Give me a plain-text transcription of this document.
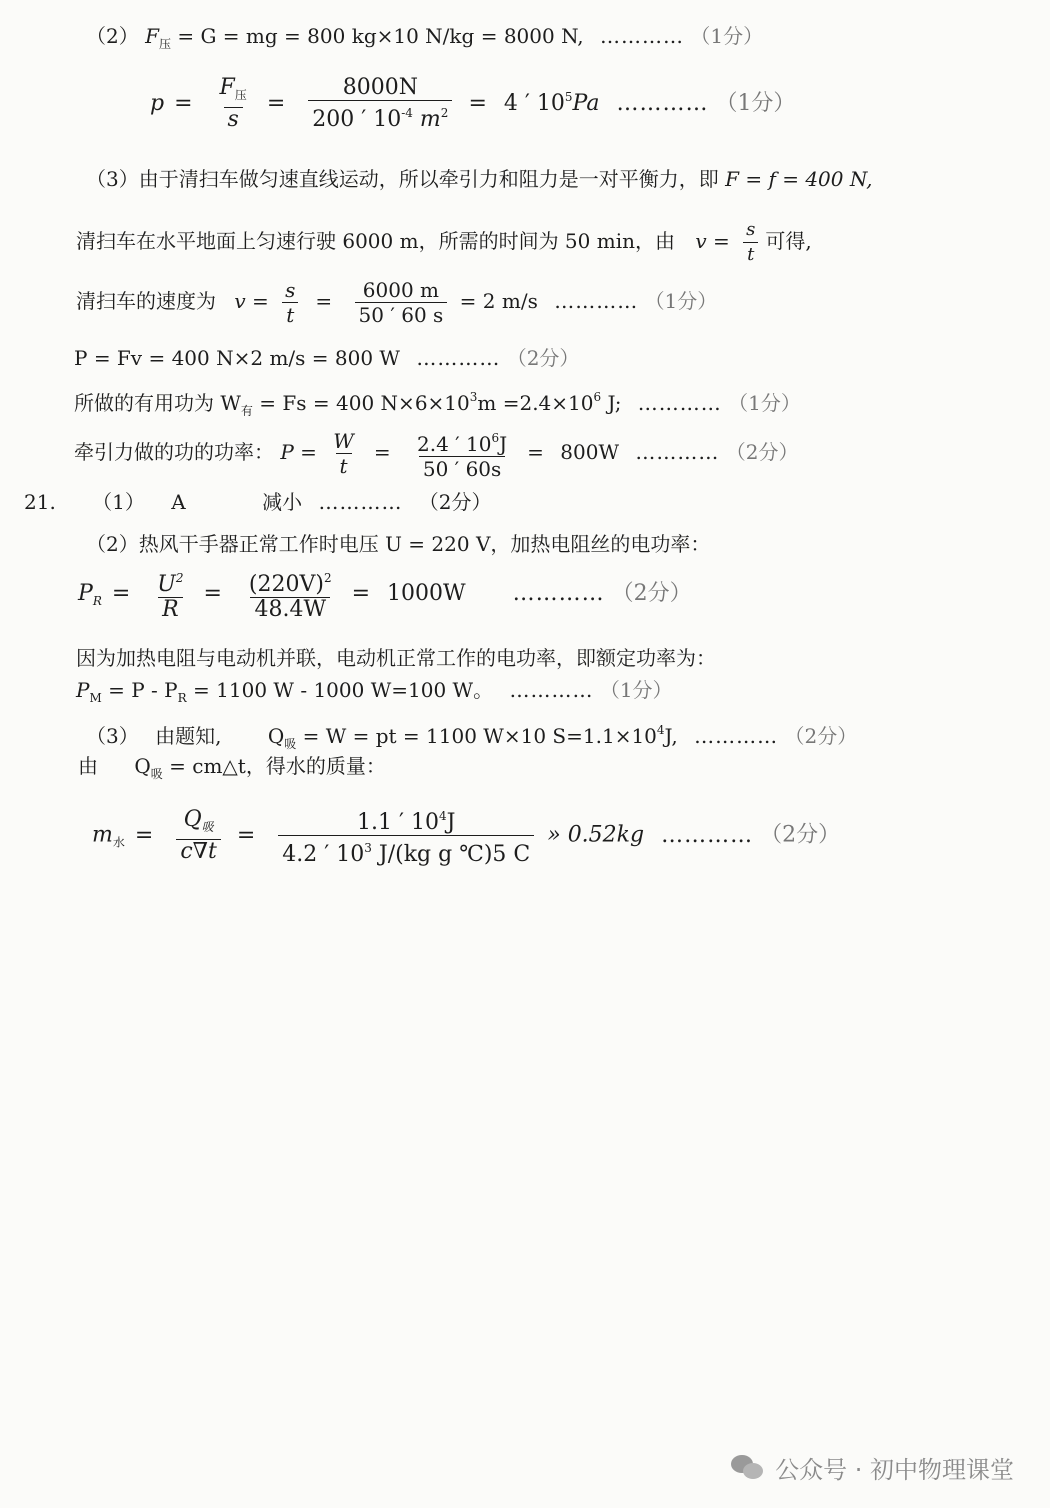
（2） $F_压 = G$ = mg = 800 kg×10 N/kg = 8000 N, ………… （1分）
$p = \frac{F_压}{s} = \frac{8000N}{200 ' 10^{-4} m^2} = 4$ ′ $10^5Pa$ ………… （1分）
（3）由于清扫车做匀速直线运动，所以牵引力和阻力是一对平衡力，即 F = f = 400 N,
清扫车在水平地面上匀速行驶 6000 m，所需的时间为 50 min，由 $v = \frac{s}{t}$ 可得,
清扫车的速度为 $v = \frac{s}{t} = \frac{6000 m}{50 ' 60 s} = 2$ m/s ………… （1分）
P = Fv = 400 N×2 m/s = 800 W ………… （2分）
所做的有用功为 $W_有 = Fs = 400$ $N\times 6\times 10^3m =2.4\times 10^6$ J; ………… （1分）
牵引力做的功的功率： $P = \frac{W}{t} = \frac{2.4 ' 10^6J}{50 ' 60s} = 800W$ ………… （2分）
21. （1） A	减小 ………… （2分）
（2）热风干手器正常工作时电压 U = 220 V，加热电阻丝的电功率：
$P_R = \frac{U^2}{R} = \frac{(220V)^2}{48.4W} = 1000W$ ………… （2分）
因为加热电阻与电动机并联，电动机正常工作的电功率，即额定功率为：
$P_M = P - P_R = 1100$ W - 1000 W=100 W。 ………… （1分）
（3） 由题知, $Q_吸 = W$ = pt = 1100 W×10 $S=1.1\times 10^4J$, ………… （2分）
由 $Q_吸$ = cm△t，得水的质量：
$m_水 = \frac{Q_吸}{c\nabla t} = \frac{1.1 ' 10^4J}{4.2 ' 10^3 J/(kg g ℃)5 C}$ » 0.52kg ………… （2分）
公众号 · 初中物理课堂
